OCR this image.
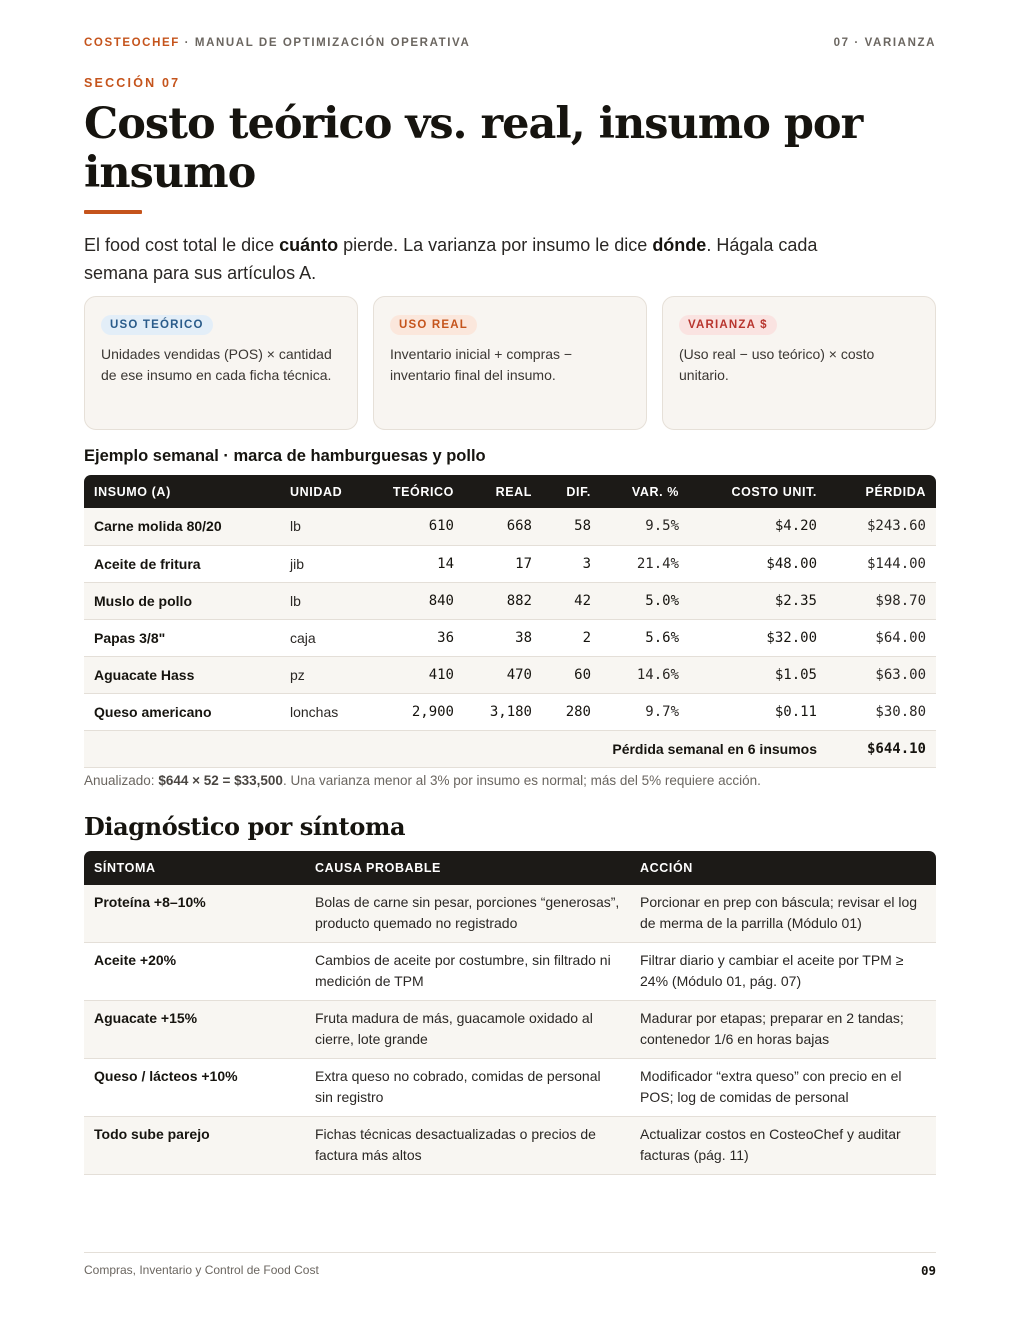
COSTEOCHEF · MANUAL DE OPTIMIZACIÓN OPERATIVA	07 · VARIANZA
SECCIÓN 07
Costo teórico vs. real, insumo por insumo

El food cost total le dice cuánto pierde. La varianza por insumo le dice dónde. Hágala cada semana para sus artículos A.

USO TEÓRICO

Unidades vendidas (POS) × cantidad de ese insumo en cada ficha técnica.

USO REAL

Inventario inicial + compras − inventario final del insumo.

VARIANZA $

(Uso real − uso teórico) × costo unitario.

Ejemplo semanal · marca de hamburguesas y pollo
INSUMO (A)	UNIDAD	TEÓRICO	REAL	DIF.	VAR. %	COSTO UNIT.	PÉRDIDA
Carne molida 80/20	lb	610	668	58	9.5%	$4.20	$243.60
Aceite de fritura	jib	14	17	3	21.4%	$48.00	$144.00
Muslo de pollo	lb	840	882	42	5.0%	$2.35	$98.70
Papas 3/8"	caja	36	38	2	5.6%	$32.00	$64.00
Aguacate Hass	pz	410	470	60	14.6%	$1.05	$63.00
Queso americano	lonchas	2,900	3,180	280	9.7%	$0.11	$30.80
Pérdida semanal en 6 insumos							$644.10

Anualizado: $644 × 52 = $33,500. Una varianza menor al 3% por insumo es normal; más del 5% requiere acción.

Diagnóstico por síntoma
SÍNTOMA	CAUSA PROBABLE	ACCIÓN
Proteína +8–10%	Bolas de carne sin pesar, porciones “generosas”, producto quemado no registrado	Porcionar en prep con báscula; revisar el log de merma de la parrilla (Módulo 01)
Aceite +20%	Cambios de aceite por costumbre, sin filtrado ni medición de TPM	Filtrar diario y cambiar el aceite por TPM ≥ 24% (Módulo 01, pág. 07)
Aguacate +15%	Fruta madura de más, guacamole oxidado al cierre, lote grande	Madurar por etapas; preparar en 2 tandas; contenedor 1/6 en horas bajas
Queso / lácteos +10%	Extra queso no cobrado, comidas de personal sin registro	Modificador “extra queso” con precio en el POS; log de comidas de personal
Todo sube parejo	Fichas técnicas desactualizadas o precios de factura más altos	Actualizar costos en CosteoChef y auditar facturas (pág. 11)
Compras, Inventario y Control de Food Cost	09
